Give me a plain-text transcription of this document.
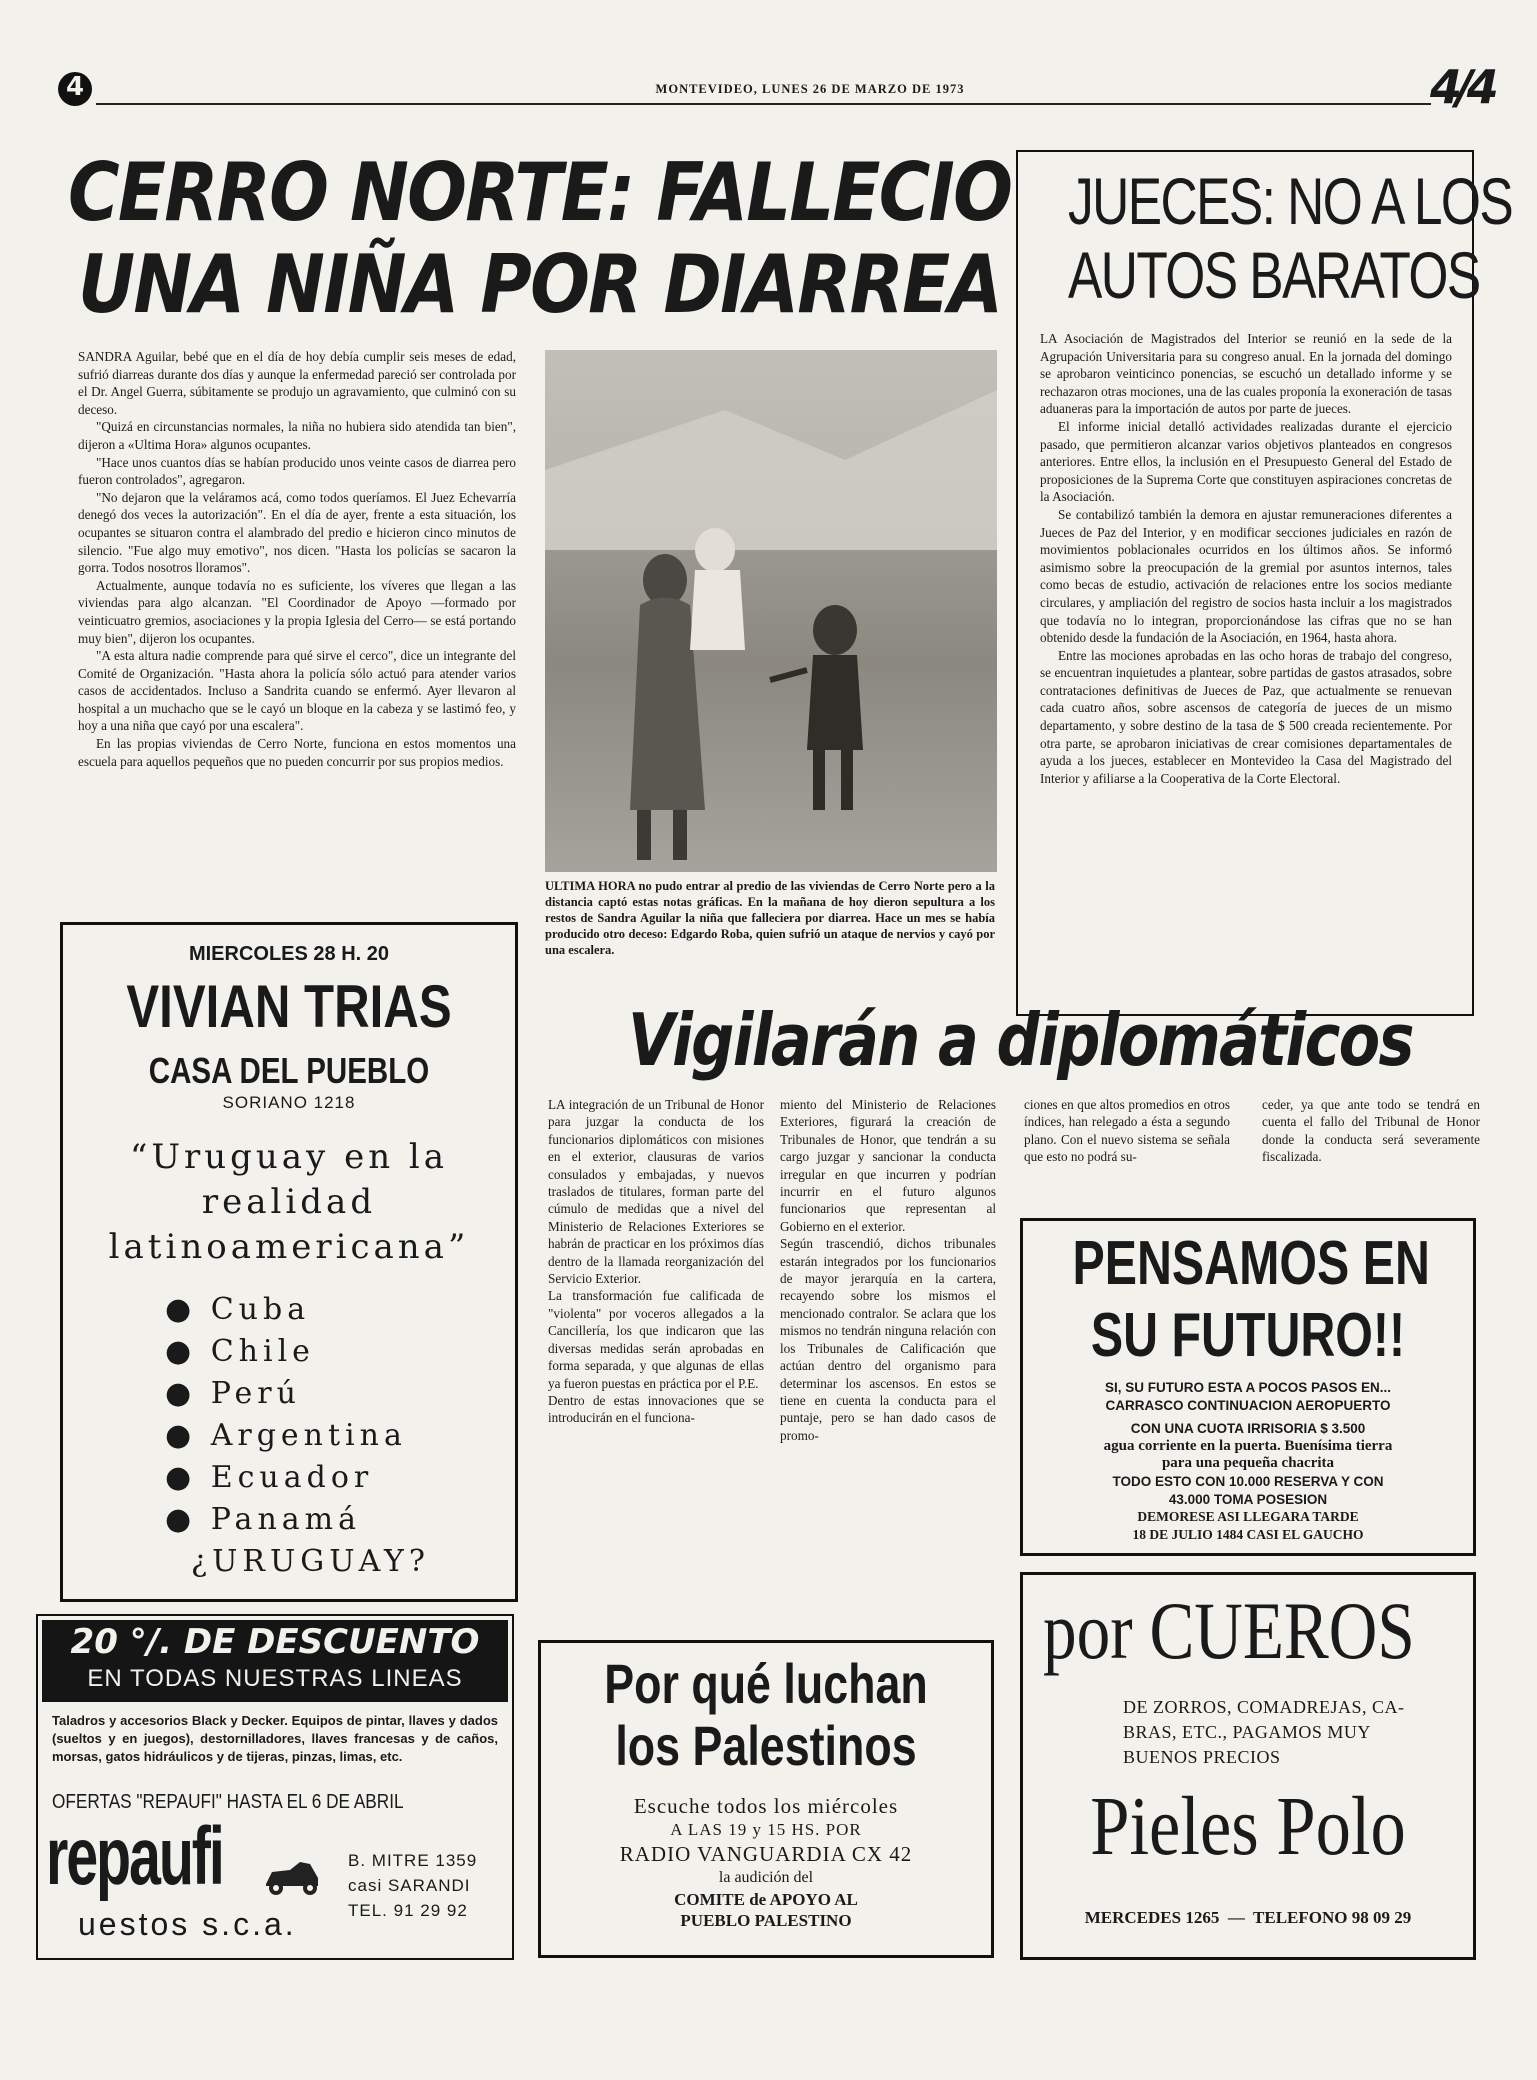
4	MONTEVIDEO, LUNES 26 DE MARZO DE 1973	4/4
CERRO NORTE: FALLECIO
UNA NIÑA POR DIARREA

SANDRA Aguilar, bebé que en el día de hoy debía cumplir seis meses de edad, sufrió diarreas durante dos días y aunque la enfermedad pareció ser controlada por el Dr. Angel Guerra, súbitamente se produjo un agravamiento, que culminó con su deceso.

"Quizá en circunstancias normales, la niña no hubiera sido atendida tan bien", dijeron a «Ultima Hora» algunos ocupantes.

"Hace unos cuantos días se habían producido unos veinte casos de diarrea pero fueron controlados", agregaron.

"No dejaron que la veláramos acá, como todos queríamos. El Juez Echevarría denegó dos veces la autorización". En el día de ayer, frente a esta situación, los ocupantes se situaron contra el alambrado del predio e hicieron cinco minutos de silencio. "Fue algo muy emotivo", nos dicen. "Hasta los policías se sacaron la gorra. Todos nosotros lloramos".

Actualmente, aunque todavía no es suficiente, los víveres que llegan a las viviendas para algo alcanzan. "El Coordinador de Apoyo —formado por veinticuatro gremios, asociaciones y la propia Iglesia del Cerro— se está portando muy bien", dijeron los ocupantes.

"A esta altura nadie comprende para qué sirve el cerco", dice un integrante del Comité de Organización. "Hasta ahora la policía sólo actuó para atender varios casos de accidentados. Incluso a Sandrita cuando se enfermó. Ayer llevaron al hospital a un muchacho que se le cayó un bloque en la cabeza y se lastimó feo, y hoy a una niña que cayó por una escalera".

En las propias viviendas de Cerro Norte, funciona en estos momentos una escuela para aquellos pequeños que no pueden concurrir por sus propios medios.

ULTIMA HORA no pudo entrar al predio de las viviendas de Cerro Norte pero a la distancia captó estas notas gráficas. En la mañana de hoy dieron sepultura a los restos de Sandra Aguilar la niña que falleciera por diarrea. Hace un mes se había producido otro deceso: Edgardo Roba, quien sufrió un ataque de nervios y cayó por una escalera.
JUECES: NO A LOS
AUTOS BARATOS

LA Asociación de Magistrados del Interior se reunió en la sede de la Agrupación Universitaria para su congreso anual. En la jornada del domingo se aprobaron veinticinco ponencias, se escuchó un detallado informe y se rechazaron otras mociones, una de las cuales proponía la exoneración de tasas aduaneras para la importación de autos por parte de jueces.

El informe inicial detalló actividades realizadas durante el ejercicio pasado, que permitieron alcanzar varios objetivos planteados en congresos anteriores. Entre ellos, la inclusión en el Presupuesto General del Estado de proposiciones de la Suprema Corte que constituyen aspiraciones concretas de la Asociación.

Se contabilizó también la demora en ajustar remuneraciones diferentes a Jueces de Paz del Interior, y en modificar secciones judiciales en razón de movimientos poblacionales ocurridos en los últimos años. Se informó asimismo sobre la preocupación de la gremial por asuntos internos, tales como becas de estudio, activación de relaciones entre los socios mediante circulares, y ampliación del registro de socios hasta incluir a los magistrados que todavía no lo integran, proporcionándose las cifras que no se han obtenido desde la fundación de la Asociación, en 1964, hasta ahora.

Entre las mociones aprobadas en las ocho horas de trabajo del congreso, se encuentran inquietudes a plantear, sobre partidas de gastos atrasados, sobre contrataciones definitivas de Jueces de Paz, que actualmente se renuevan cada cuatro años, sobre ascensos de categoría de jueces de un mismo departamento, y sobre destino de la tasa de $ 500 creada recientemente. Por otra parte, se aprobaron iniciativas de crear comisiones departamentales de ayuda a los jueces, establecer en Montevideo la Casa del Magistrado del Interior y afiliarse a la Cooperativa de la Corte Electoral.

MIERCOLES 28 H. 20
VIVIAN TRIAS
CASA DEL PUEBLO
SORIANO 1218
“Uruguay en la
realidad
latinoamericana”
● Cuba
● Chile
● Perú
● Argentina
● Ecuador
● Panamá
¿URUGUAY?
Vigilarán a diplomáticos
LA integración de un Tribunal de Honor para juzgar la conducta de los funcionarios diplomáticos con misiones en el exterior, clausuras de varios consulados y embajadas, y nuevos traslados de titulares, forman parte del cúmulo de medidas que a nivel del Ministerio de Relaciones Exteriores se habrán de practicar en los próximos días dentro de la llamada reorganización del Servicio Exterior.
La transformación fue calificada de "violenta" por voceros allegados a la Cancillería, los que indicaron que las diversas medidas serán aprobadas en forma separada, y que algunas de ellas ya fueron puestas en práctica por el P.E.
Dentro de estas innovaciones que se introducirán en el funciona-
miento del Ministerio de Relaciones Exteriores, figurará la creación de Tribunales de Honor, que tendrán a su cargo juzgar y sancionar la conducta irregular en que incurren y podrían incurrir en el futuro algunos funcionarios que representan al Gobierno en el exterior.
Según trascendió, dichos tribunales estarán integrados por los funcionarios de mayor jerarquía en la cartera, recayendo sobre los mismos el mencionado contralor. Se aclara que los mismos no tendrán ninguna relación con los Tribunales de Calificación que actúan dentro del organismo para determinar los ascensos. En estos se tiene en cuenta la conducta para el puntaje, pero se han dado casos de promo-
ciones en que altos promedios en otros índices, han relegado a ésta a segundo plano. Con el nuevo sistema se señala que esto no podrá su-
ceder, ya que ante todo se tendrá en cuenta el fallo del Tribunal de Honor donde la conducta será severamente fiscalizada.
PENSAMOS EN
SU FUTURO!!
SI, SU FUTURO ESTA A POCOS PASOS EN...
CARRASCO CONTINUACION AEROPUERTO
CON UNA CUOTA IRRISORIA $ 3.500
agua corriente en la puerta. Buenísima tierra
para una pequeña chacrita
TODO ESTO CON 10.000 RESERVA Y CON
43.000 TOMA POSESION
DEMORESE ASI LLEGARA TARDE
18 DE JULIO 1484 CASI EL GAUCHO
20 °/. DE DESCUENTO
EN TODAS NUESTRAS LINEAS
Taladros y accesorios Black y Decker. Equipos de pintar, llaves y dados (sueltos y en juegos), destornilladores, llaves francesas y de caños, morsas, gatos hidráulicos y de tijeras, pinzas, limas, etc.
OFERTAS "REPAUFI" HASTA EL 6 DE ABRIL
repaufi
uestos s.c.a.
B. MITRE 1359
casi SARANDI
TEL. 91 29 92
Por qué luchan
los Palestinos
Escuche todos los miércoles
A LAS 19 y 15 HS. POR
RADIO VANGUARDIA CX 42
la audición del
COMITE de APOYO AL
PUEBLO PALESTINO
por CUEROS
DE ZORROS, COMADREJAS, CA-
BRAS, ETC., PAGAMOS MUY
BUENOS PRECIOS
Pieles Polo
MERCEDES 1265  —  TELEFONO 98 09 29
